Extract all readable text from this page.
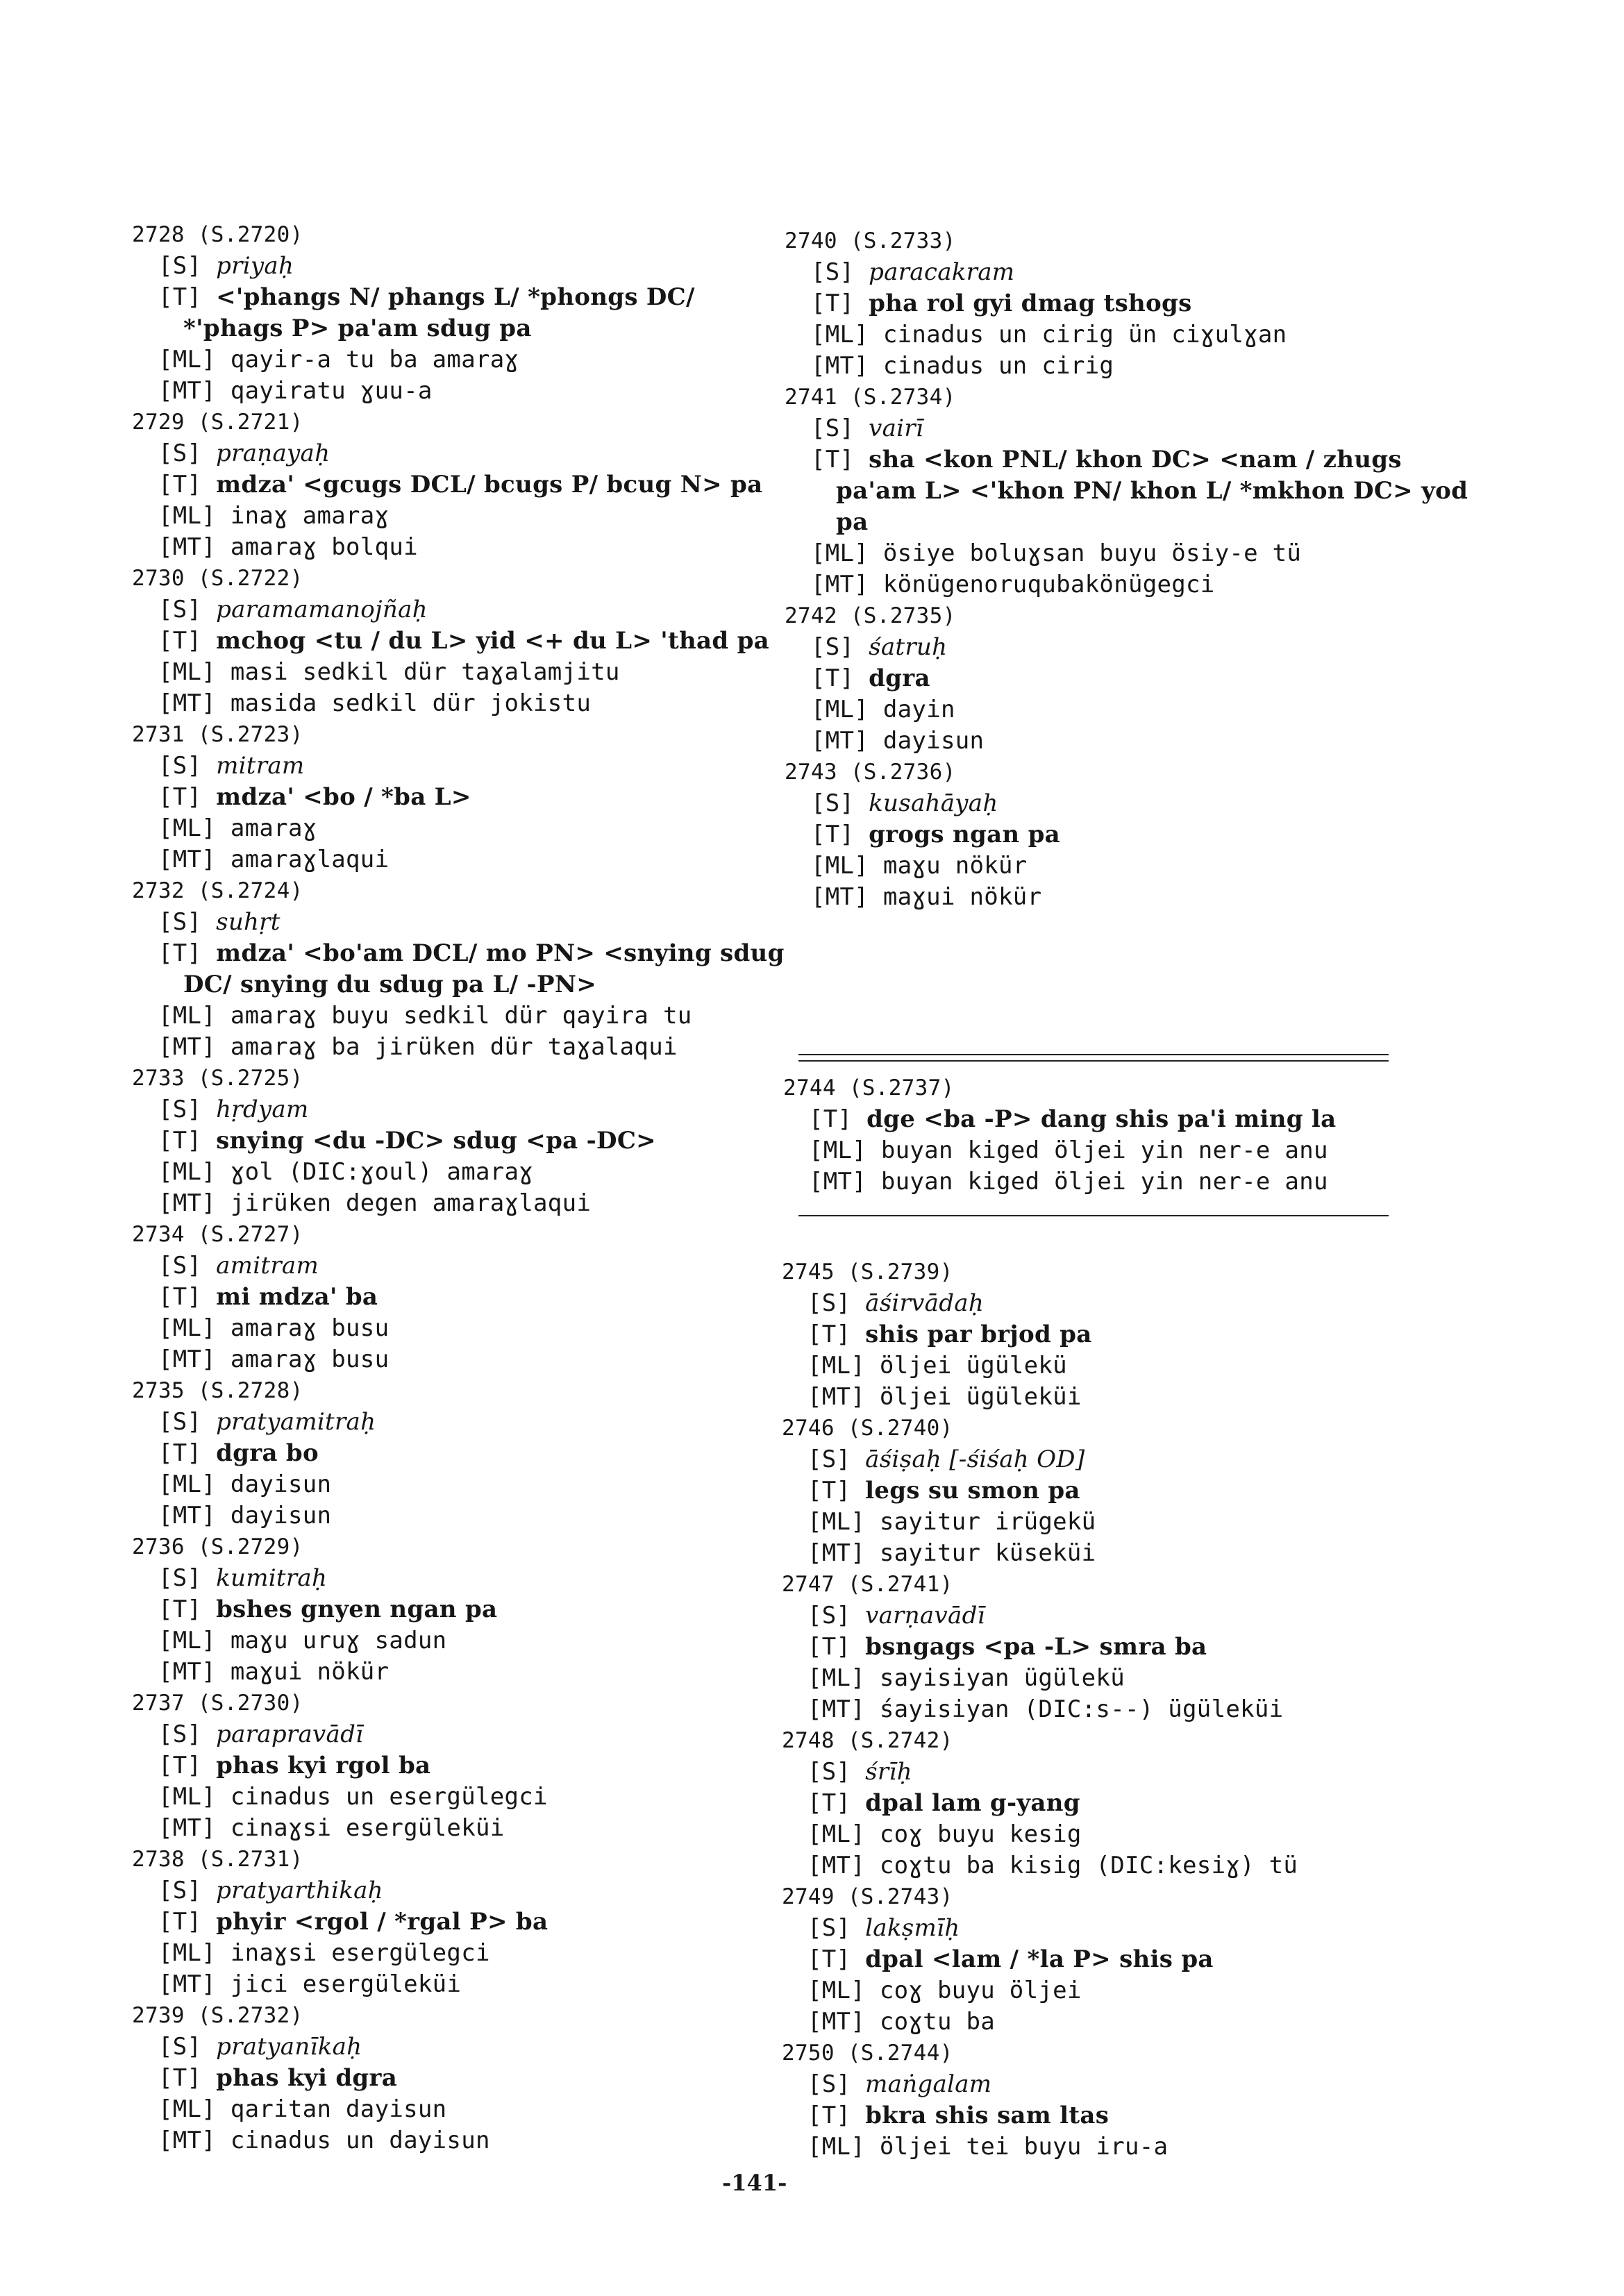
2728 (S.2720)
[S] priyaḥ
[T] <'phangs N/ phangs L/ *phongs DC/
*'phags P> pa'am sdug pa
[ML] qayir-a tu ba amaraɣ
[MT] qayiratu ɣuu-a
2729 (S.2721)
[S] praṇayaḥ
[T] mdza' <gcugs DCL/ bcugs P/ bcug N> pa
[ML] inaɣ amaraɣ
[MT] amaraɣ bolqui
2730 (S.2722)
[S] paramamanojñaḥ
[T] mchog <tu / du L> yid <+ du L> 'thad pa
[ML] masi sedkil dür taɣalamjitu
[MT] masida sedkil dür jokistu
2731 (S.2723)
[S] mitram
[T] mdza' <bo / *ba L>
[ML] amaraɣ
[MT] amaraɣlaqui
2732 (S.2724)
[S] suhṛt
[T] mdza' <bo'am DCL/ mo PN> <snying sdug
DC/ snying du sdug pa L/ -PN>
[ML] amaraɣ buyu sedkil dür qayira tu
[MT] amaraɣ ba jirüken dür taɣalaqui
2733 (S.2725)
[S] hṛdyam
[T] snying <du -DC> sdug <pa -DC>
[ML] ɣol (DIC:ɣoul) amaraɣ
[MT] jirüken degen amaraɣlaqui
2734 (S.2727)
[S] amitram
[T] mi mdza' ba
[ML] amaraɣ busu
[MT] amaraɣ busu
2735 (S.2728)
[S] pratyamitraḥ
[T] dgra bo
[ML] dayisun
[MT] dayisun
2736 (S.2729)
[S] kumitraḥ
[T] bshes gnyen ngan pa
[ML] maɣu uruɣ sadun
[MT] maɣui nökür
2737 (S.2730)
[S] parapravādī
[T] phas kyi rgol ba
[ML] cinadus un esergülegci
[MT] cinaɣsi esergüleküi
2738 (S.2731)
[S] pratyarthikaḥ
[T] phyir <rgol / *rgal P> ba
[ML] inaɣsi esergülegci
[MT] jici esergüleküi
2739 (S.2732)
[S] pratyanīkaḥ
[T] phas kyi dgra
[ML] qaritan dayisun
[MT] cinadus un dayisun
2740 (S.2733)
[S] paracakram
[T] pha rol gyi dmag tshogs
[ML] cinadus un cirig ün ciɣulɣan
[MT] cinadus un cirig
2741 (S.2734)
[S] vairī
[T] sha <kon PNL/ khon DC> <nam / zhugs
pa'am L> <'khon PN/ khon L/ *mkhon DC> yod
pa
[ML] ösiye boluɣsan buyu ösiy-e tü
[MT] könügenoruqubakönügegci
2742 (S.2735)
[S] śatruḥ
[T] dgra
[ML] dayin
[MT] dayisun
2743 (S.2736)
[S] kusahāyaḥ
[T] grogs ngan pa
[ML] maɣu nökür
[MT] maɣui nökür
2744 (S.2737)
[T] dge <ba -P> dang shis pa'i ming la
[ML] buyan kiged öljei yin ner-e anu
[MT] buyan kiged öljei yin ner-e anu
2745 (S.2739)
[S] āśirvādaḥ
[T] shis par brjod pa
[ML] öljei ügülekü
[MT] öljei ügüleküi
2746 (S.2740)
[S] āśiṣaḥ [-śiśaḥ OD]
[T] legs su smon pa
[ML] sayitur irügekü
[MT] sayitur küseküi
2747 (S.2741)
[S] varṇavādī
[T] bsngags <pa -L> smra ba
[ML] sayisiyan ügülekü
[MT] śayisiyan (DIC:s--) ügüleküi
2748 (S.2742)
[S] śrīḥ
[T] dpal lam g-yang
[ML] coɣ buyu kesig
[MT] coɣtu ba kisig (DIC:kesiɣ) tü
2749 (S.2743)
[S] lakṣmīḥ
[T] dpal <lam / *la P> shis pa
[ML] coɣ buyu öljei
[MT] coɣtu ba
2750 (S.2744)
[S] maṅgalam
[T] bkra shis sam ltas
[ML] öljei tei buyu iru-a
-141-
